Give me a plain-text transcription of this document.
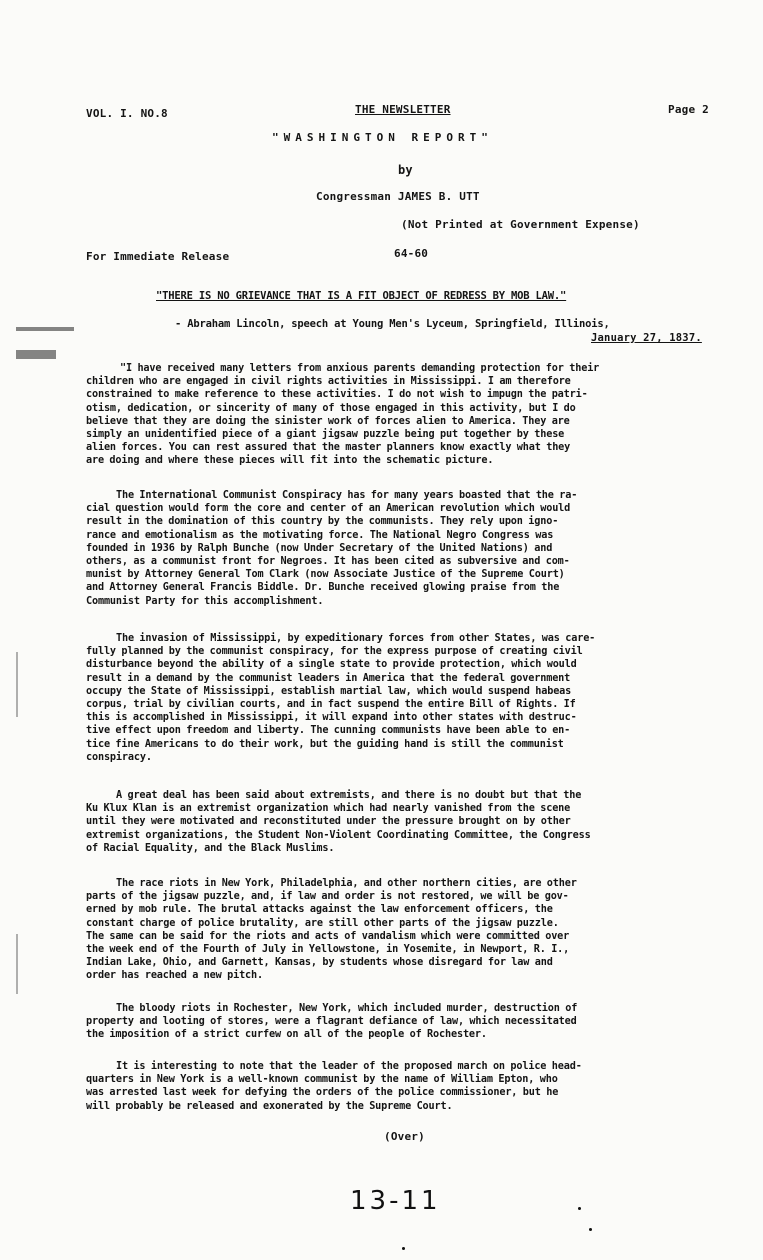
VOL. I. NO.8	THE NEWSLETTER	Page 2
"WASHINGTON REPORT"
by
Congressman JAMES B. UTT
(Not Printed at Government Expense)
For Immediate Release	64-60
"THERE IS NO GRIEVANCE THAT IS A FIT OBJECT OF REDRESS BY MOB LAW."
- Abraham Lincoln, speech at Young Men's Lyceum, Springfield, Illinois,
January 27, 1837.
"I have received many letters from anxious parents demanding protection for their
children who are engaged in civil rights activities in Mississippi. I am therefore
constrained to make reference to these activities. I do not wish to impugn the patri-
otism, dedication, or sincerity of many of those engaged in this activity, but I do
believe that they are doing the sinister work of forces alien to America. They are
simply an unidentified piece of a giant jigsaw puzzle being put together by these
alien forces. You can rest assured that the master planners know exactly what they
are doing and where these pieces will fit into the schematic picture.
The International Communist Conspiracy has for many years boasted that the ra-
cial question would form the core and center of an American revolution which would
result in the domination of this country by the communists. They rely upon igno-
rance and emotionalism as the motivating force. The National Negro Congress was
founded in 1936 by Ralph Bunche (now Under Secretary of the United Nations) and
others, as a communist front for Negroes. It has been cited as subversive and com-
munist by Attorney General Tom Clark (now Associate Justice of the Supreme Court)
and Attorney General Francis Biddle. Dr. Bunche received glowing praise from the
Communist Party for this accomplishment.
The invasion of Mississippi, by expeditionary forces from other States, was care-
fully planned by the communist conspiracy, for the express purpose of creating civil
disturbance beyond the ability of a single state to provide protection, which would
result in a demand by the communist leaders in America that the federal government
occupy the State of Mississippi, establish martial law, which would suspend habeas
corpus, trial by civilian courts, and in fact suspend the entire Bill of Rights. If
this is accomplished in Mississippi, it will expand into other states with destruc-
tive effect upon freedom and liberty. The cunning communists have been able to en-
tice fine Americans to do their work, but the guiding hand is still the communist
conspiracy.
A great deal has been said about extremists, and there is no doubt but that the
Ku Klux Klan is an extremist organization which had nearly vanished from the scene
until they were motivated and reconstituted under the pressure brought on by other
extremist organizations, the Student Non-Violent Coordinating Committee, the Congress
of Racial Equality, and the Black Muslims.
The race riots in New York, Philadelphia, and other northern cities, are other
parts of the jigsaw puzzle, and, if law and order is not restored, we will be gov-
erned by mob rule. The brutal attacks against the law enforcement officers, the
constant charge of police brutality, are still other parts of the jigsaw puzzle.
The same can be said for the riots and acts of vandalism which were committed over
the week end of the Fourth of July in Yellowstone, in Yosemite, in Newport, R. I.,
Indian Lake, Ohio, and Garnett, Kansas, by students whose disregard for law and
order has reached a new pitch.
The bloody riots in Rochester, New York, which included murder, destruction of
property and looting of stores, were a flagrant defiance of law, which necessitated
the imposition of a strict curfew on all of the people of Rochester.
It is interesting to note that the leader of the proposed march on police head-
quarters in New York is a well-known communist by the name of William Epton, who
was arrested last week for defying the orders of the police commissioner, but he
will probably be released and exonerated by the Supreme Court.
(Over)
13-11
